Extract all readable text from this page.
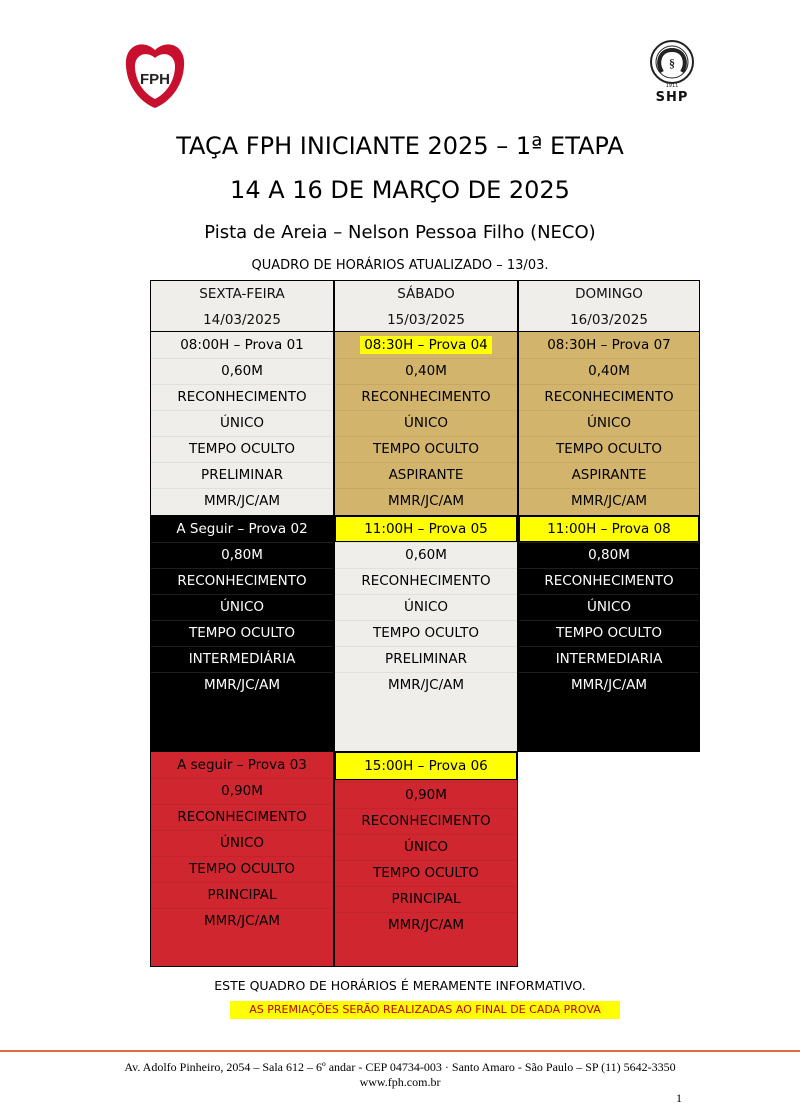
FPH
§
1911
SHP
TAÇA FPH INICIANTE 2025 – 1ª ETAPA
14 A 16 DE MARÇO DE 2025
Pista de Areia – Nelson Pessoa Filho (NECO)
QUADRO DE HORÁRIOS ATUALIZADO – 13/03.
SEXTA-FEIRA
14/03/2025
08:00H – Prova 01
0,60M
RECONHECIMENTO
ÚNICO
TEMPO OCULTO
PRELIMINAR
MMR/JC/AM
A Seguir – Prova 02
0,80M
RECONHECIMENTO
ÚNICO
TEMPO OCULTO
INTERMEDIÁRIA
MMR/JC/AM
A seguir – Prova 03
0,90M
RECONHECIMENTO
ÚNICO
TEMPO OCULTO
PRINCIPAL
MMR/JC/AM
SÁBADO
15/03/2025
08:30H – Prova 04
0,40M
RECONHECIMENTO
ÚNICO
TEMPO OCULTO
ASPIRANTE
MMR/JC/AM
11:00H – Prova 05
0,60M
RECONHECIMENTO
ÚNICO
TEMPO OCULTO
PRELIMINAR
MMR/JC/AM
15:00H – Prova 06
0,90M
RECONHECIMENTO
ÚNICO
TEMPO OCULTO
PRINCIPAL
MMR/JC/AM
DOMINGO
16/03/2025
08:30H – Prova 07
0,40M
RECONHECIMENTO
ÚNICO
TEMPO OCULTO
ASPIRANTE
MMR/JC/AM
11:00H – Prova 08
0,80M
RECONHECIMENTO
ÚNICO
TEMPO OCULTO
INTERMEDIARIA
MMR/JC/AM
ESTE QUADRO DE HORÁRIOS É MERAMENTE INFORMATIVO.
AS PREMIAÇÕES SERÃO REALIZADAS AO FINAL DE CADA PROVA
Av. Adolfo Pinheiro, 2054 – Sala 612 – 6º andar - CEP 04734-003 · Santo Amaro - São Paulo – SP (11) 5642-3350
www.fph.com.br
1
